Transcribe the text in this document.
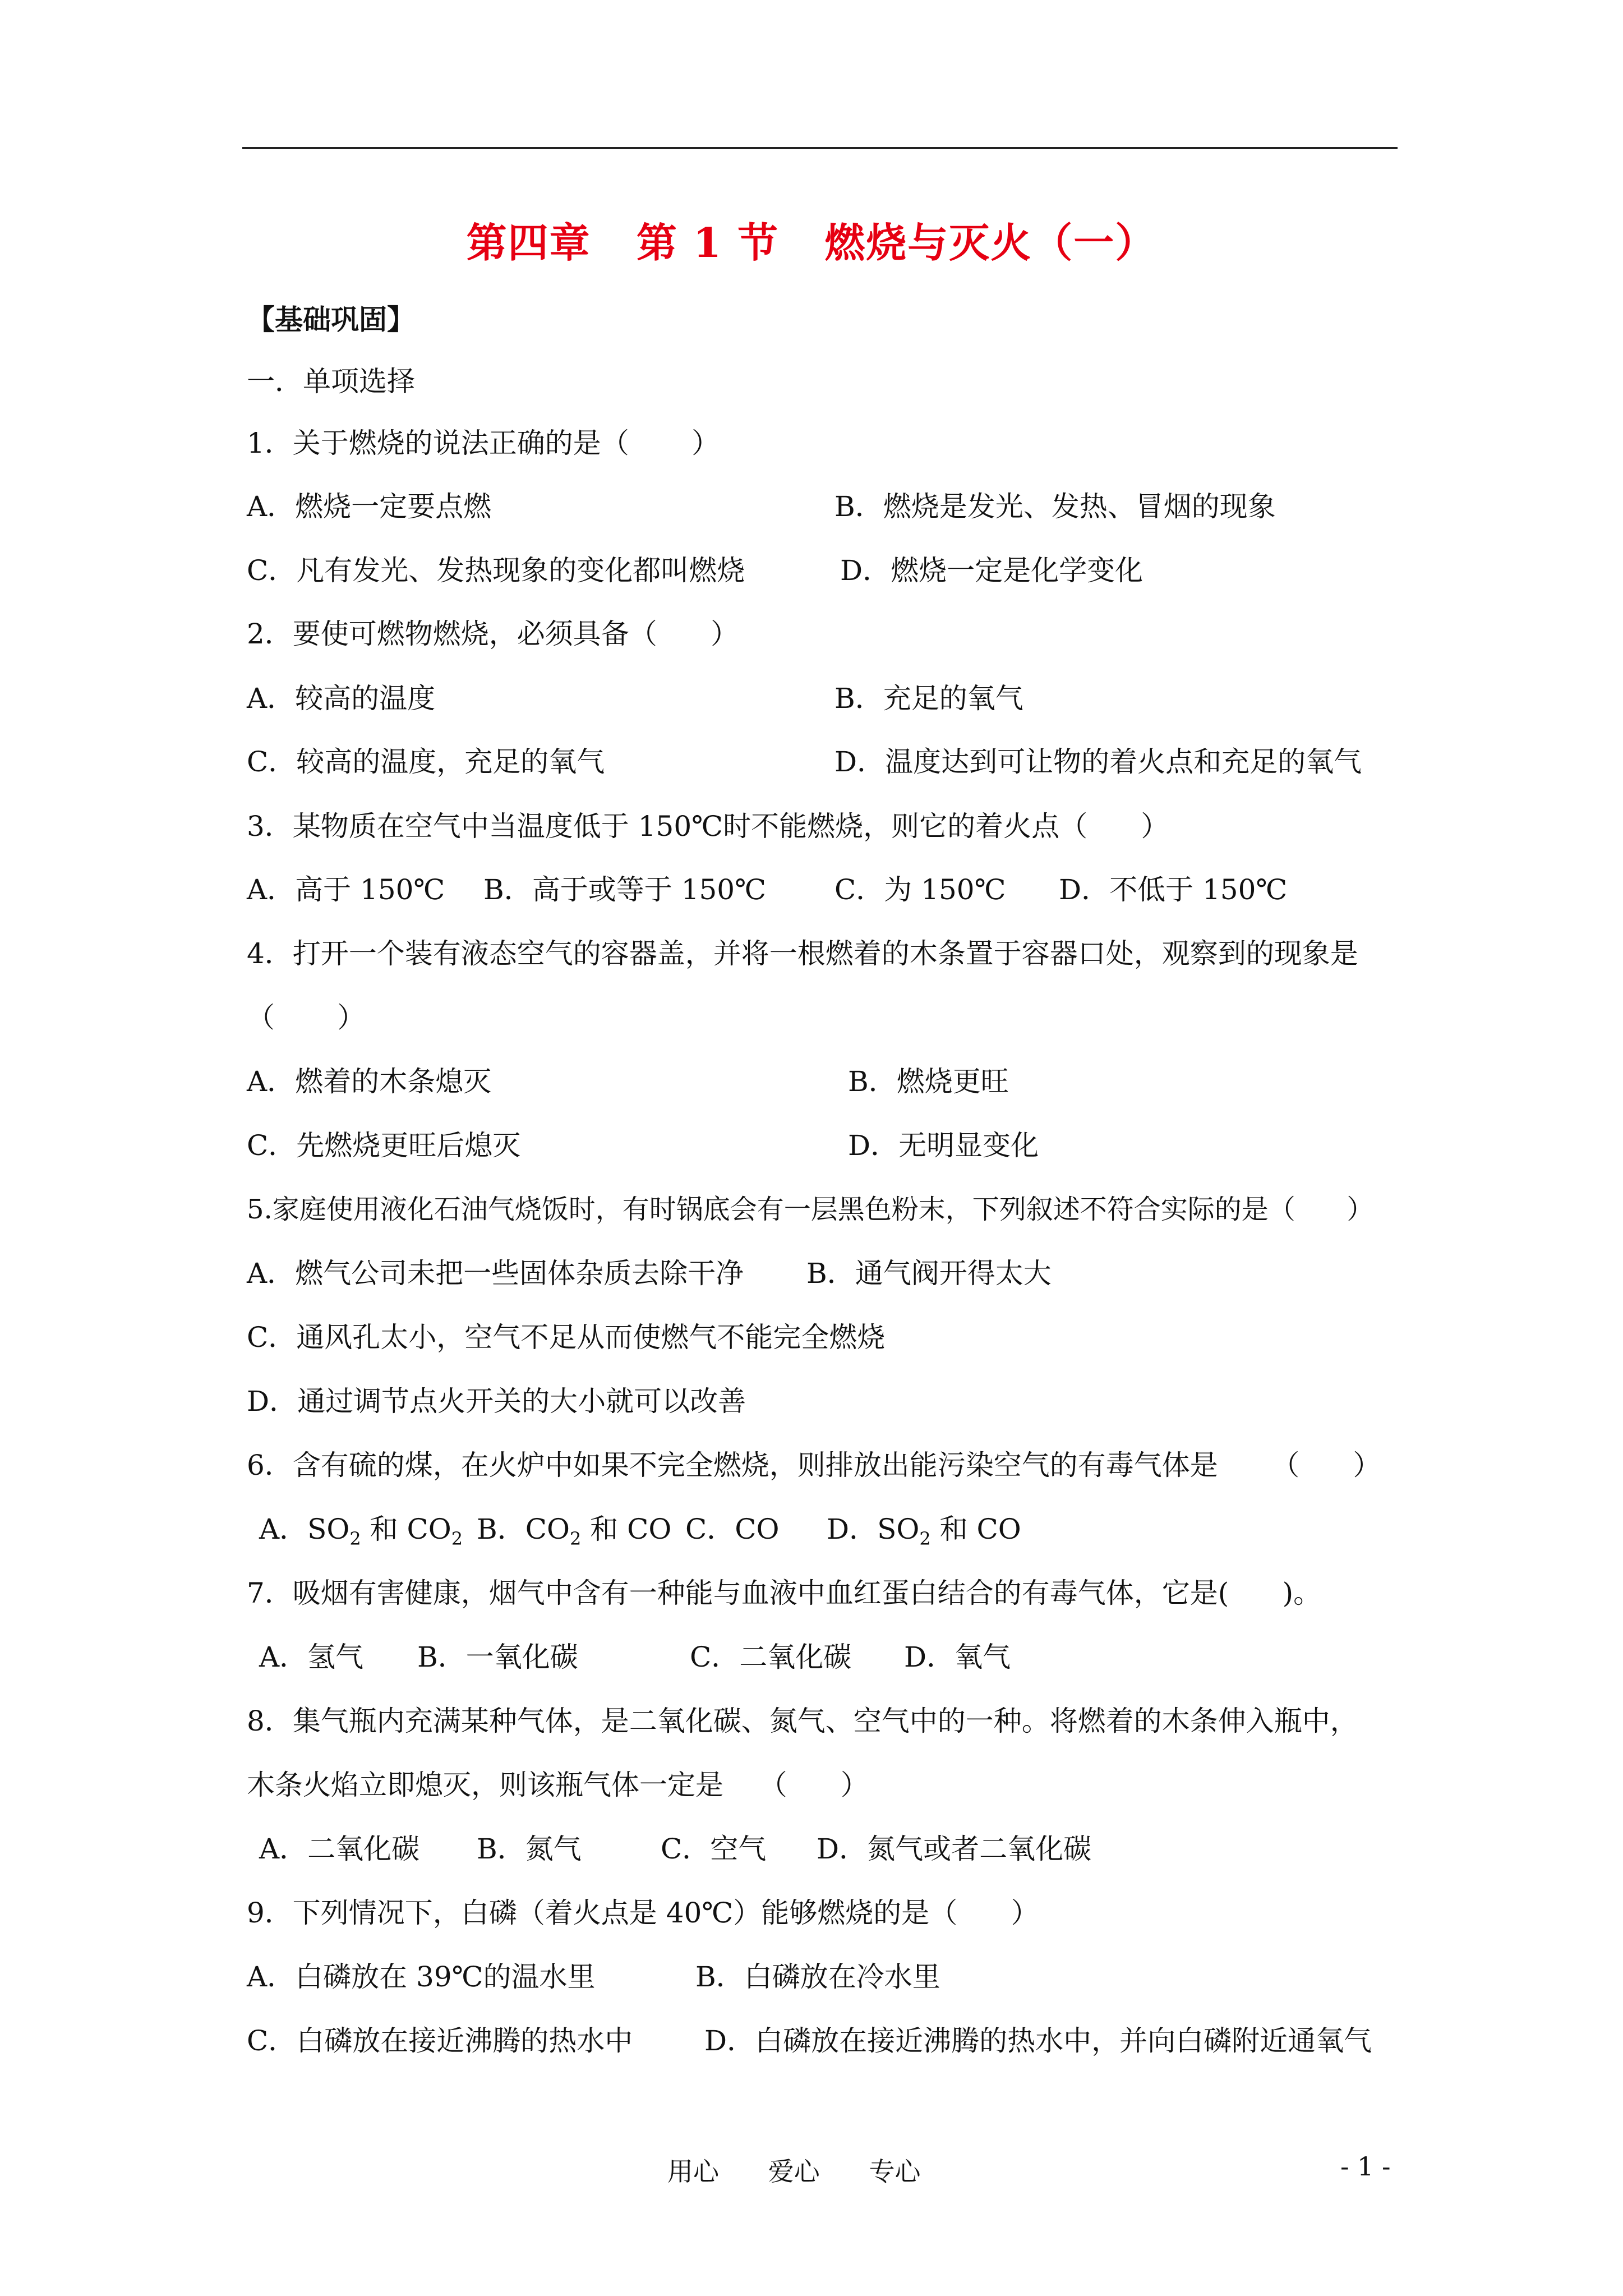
第四章   第 1 节   燃烧与灭火（一）
【基础巩固】
一．单项选择
1．关于燃烧的说法正确的是（       ）
A．燃烧一定要点燃	B．燃烧是发光、发热、冒烟的现象
C．凡有发光、发热现象的变化都叫燃烧	D．燃烧一定是化学变化
2．要使可燃物燃烧，必须具备（      ）
A．较高的温度	B．充足的氧气
C．较高的温度，充足的氧气	D．温度达到可让物的着火点和充足的氧气
3．某物质在空气中当温度低于 150℃时不能燃烧，则它的着火点（      ）
A．高于 150℃ B．高于或等于 150℃ C．为 150℃ D．不低于 150℃
4．打开一个装有液态空气的容器盖，并将一根燃着的木条置于容器口处，观察到的现象是
（       ）
A．燃着的木条熄灭	B．燃烧更旺
C．先燃烧更旺后熄灭	D．无明显变化
5.家庭使用液化石油气烧饭时，有时锅底会有一层黑色粉末，下列叙述不符合实际的是（      ）
A．燃气公司未把一些固体杂质去除干净 B．通气阀开得太大
C．通风孔太小，空气不足从而使燃气不能完全燃烧
D．通过调节点火开关的大小就可以改善
6．含有硫的煤，在火炉中如果不完全燃烧，则排放出能污染空气的有毒气体是      （      ）
A．$SO_2$ 和 $CO_2$ B．$CO_2$ 和 CO C．CO D．$SO_2$ 和 CO
7．吸烟有害健康，烟气中含有一种能与血液中血红蛋白结合的有毒气体，它是(      )。
A．氢气 B．一氧化碳	C．二氧化碳 D．氧气
8．集气瓶内充满某种气体，是二氧化碳、氮气、空气中的一种。将燃着的木条伸入瓶中，
木条火焰立即熄灭，则该瓶气体一定是    （      ）
A．二氧化碳 B．氮气	C．空气 D．氮气或者二氧化碳
9．下列情况下，白磷（着火点是 40℃）能够燃烧的是（      ）
A．白磷放在 39℃的温水里	B．白磷放在冷水里
C．白磷放在接近沸腾的热水中	D．白磷放在接近沸腾的热水中，并向白磷附近通氧气
用心      爱心      专心	- 1 -
